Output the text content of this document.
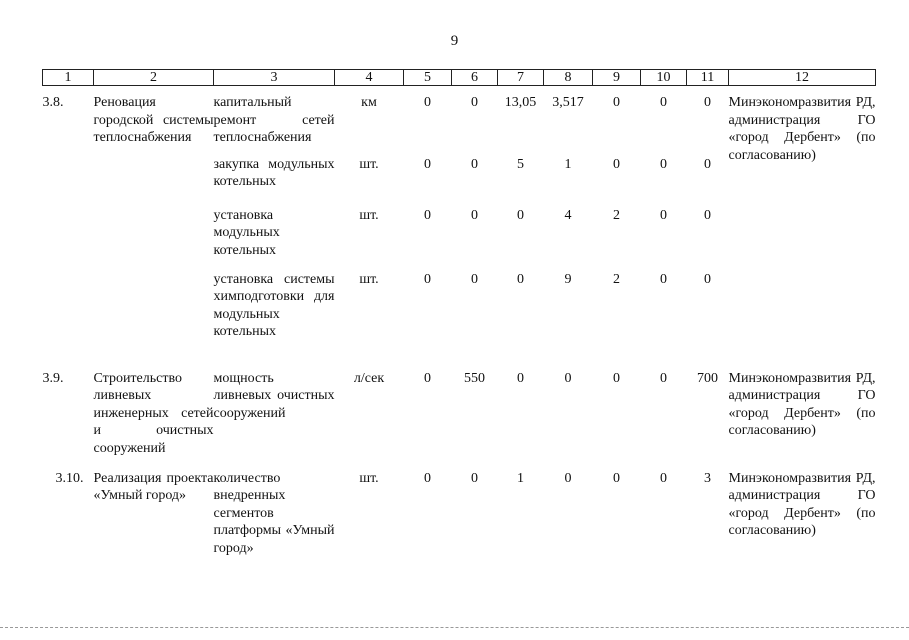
9
1	2	3	4	5	6	7	8	9	10	11	12
3.8.	Реновация городской системы теплоснабжения	капитальный ремонт сетей теплоснабжения	км	0	0	13,05	3,517	0	0	0	Минэкономразвития РД, администрация ГО «город Дербент» (по согласованию)
		закупка модульных котельных	шт.	0	0	5	1	0	0	0	
		установка модульных котельных	шт.	0	0	0	4	2	0	0	
		установка системы химподготовки для модульных котельных	шт.	0	0	0	9	2	0	0	
3.9.	Строительство ливневых инженерных сетей и очистных сооружений	мощность ливневых очистных сооружений	л/сек	0	550	0	0	0	0	700	Минэкономразвития РД, администрация ГО «город Дербент» (по согласованию)
3.10.	Реализация проекта «Умный город»	количество внедренных сегментов платформы «Умный город»	шт.	0	0	1	0	0	0	3	Минэкономразвития РД, администрация ГО «город Дербент» (по согласованию)
